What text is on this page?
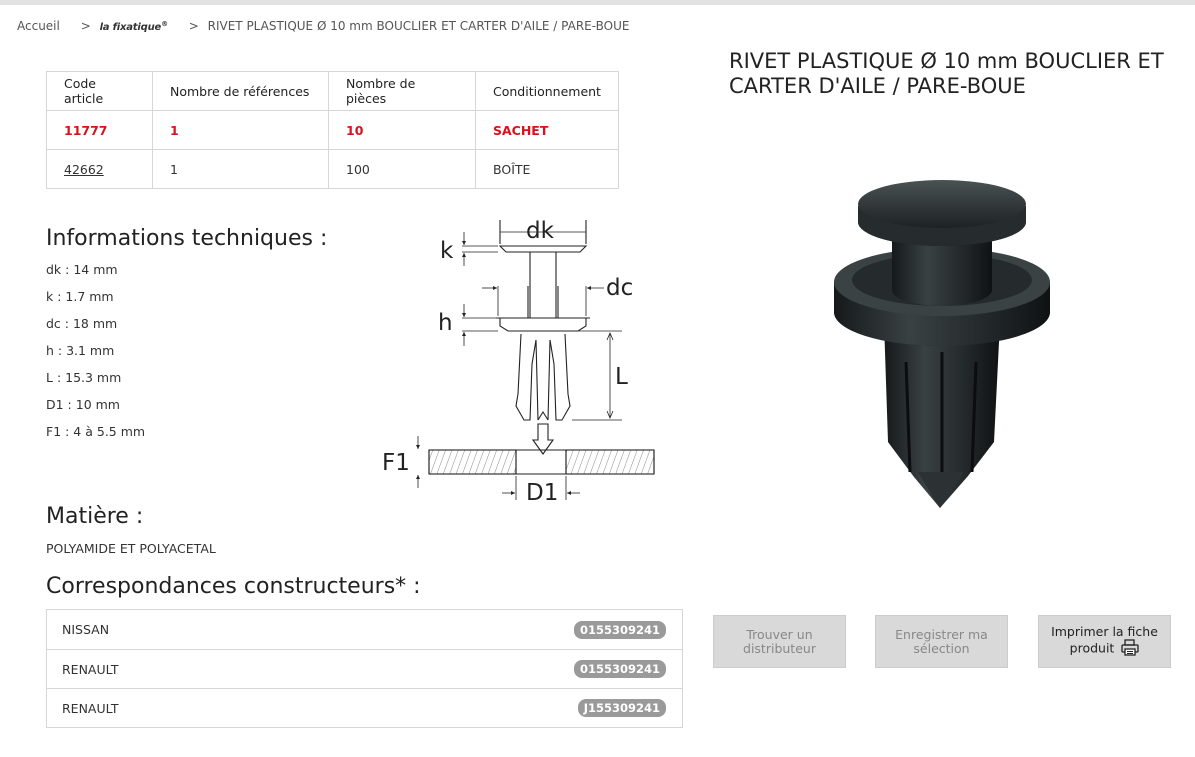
Accueil > la fixatique® > RIVET PLASTIQUE Ø 10 mm BOUCLIER ET CARTER D'AILE / PARE-BOUE
Code article	Nombre de références	Nombre de pièces	Conditionnement
11777	1	10	SACHET
42662	1	100	BOÎTE
RIVET PLASTIQUE Ø 10 mm BOUCLIER ET CARTER D'AILE / PARE-BOUE
Informations techniques :
dk : 14 mm
k : 1.7 mm
dc : 18 mm
h : 3.1 mm
L : 15.3 mm
D1 : 10 mm
F1 : 4 à 5.5 mm
dk
k
dc
h
L
F1
D1
Matière :

POLYAMIDE ET POLYACETAL

Correspondances constructeurs* :
NISSAN	0155309241
RENAULT	0155309241
RENAULT	J155309241
Trouver un
distributeur
Enregistrer ma
sélection
Imprimer la fiche
produit
